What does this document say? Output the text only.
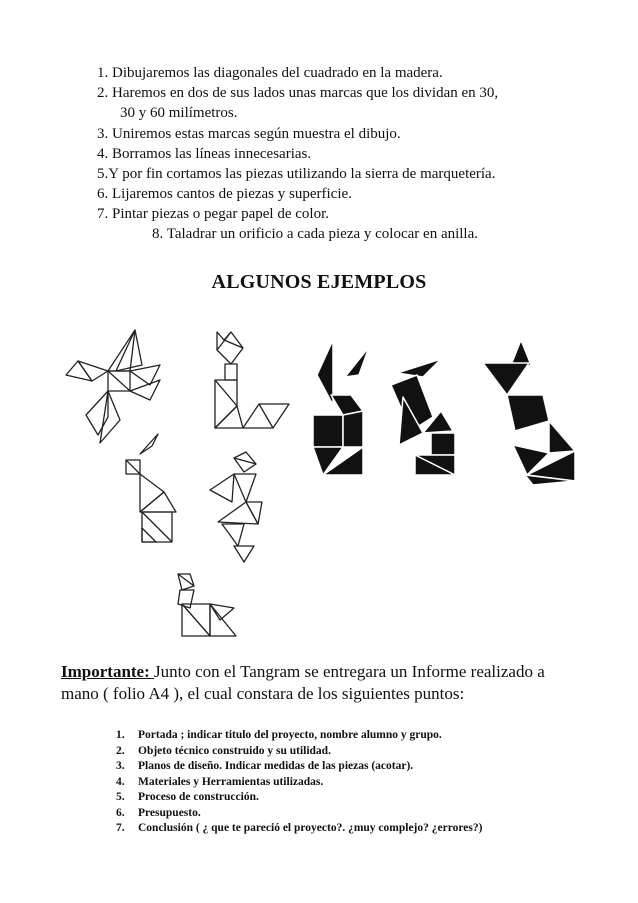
1. Dibujaremos las diagonales del cuadrado en la madera.
2. Haremos en dos de sus lados unas marcas que los dividan en 30,
30 y 60 milímetros.
3. Uniremos estas marcas según muestra el dibujo.
4. Borramos las líneas innecesarias.
5.Y por fin cortamos las piezas utilizando la sierra de marquetería.
6. Lijaremos cantos de piezas y superficie.
7. Pintar piezas o pegar papel de color.
8. Taladrar un orificio a cada pieza y colocar en anilla.
ALGUNOS EJEMPLOS
Importante: Junto con el Tangram se entregara un Informe realizado a mano ( folio A4 ), el cual constara de los siguientes puntos:
1. Portada ; indicar titulo del proyecto, nombre alumno y grupo.
2. Objeto técnico construido y su utilidad.
3. Planos de diseño. Indicar medidas de las piezas (acotar).
4. Materiales y Herramientas utilizadas.
5. Proceso de construcción.
6. Presupuesto.
7. Conclusión ( ¿ que te pareció el proyecto?. ¿muy complejo? ¿errores?)
